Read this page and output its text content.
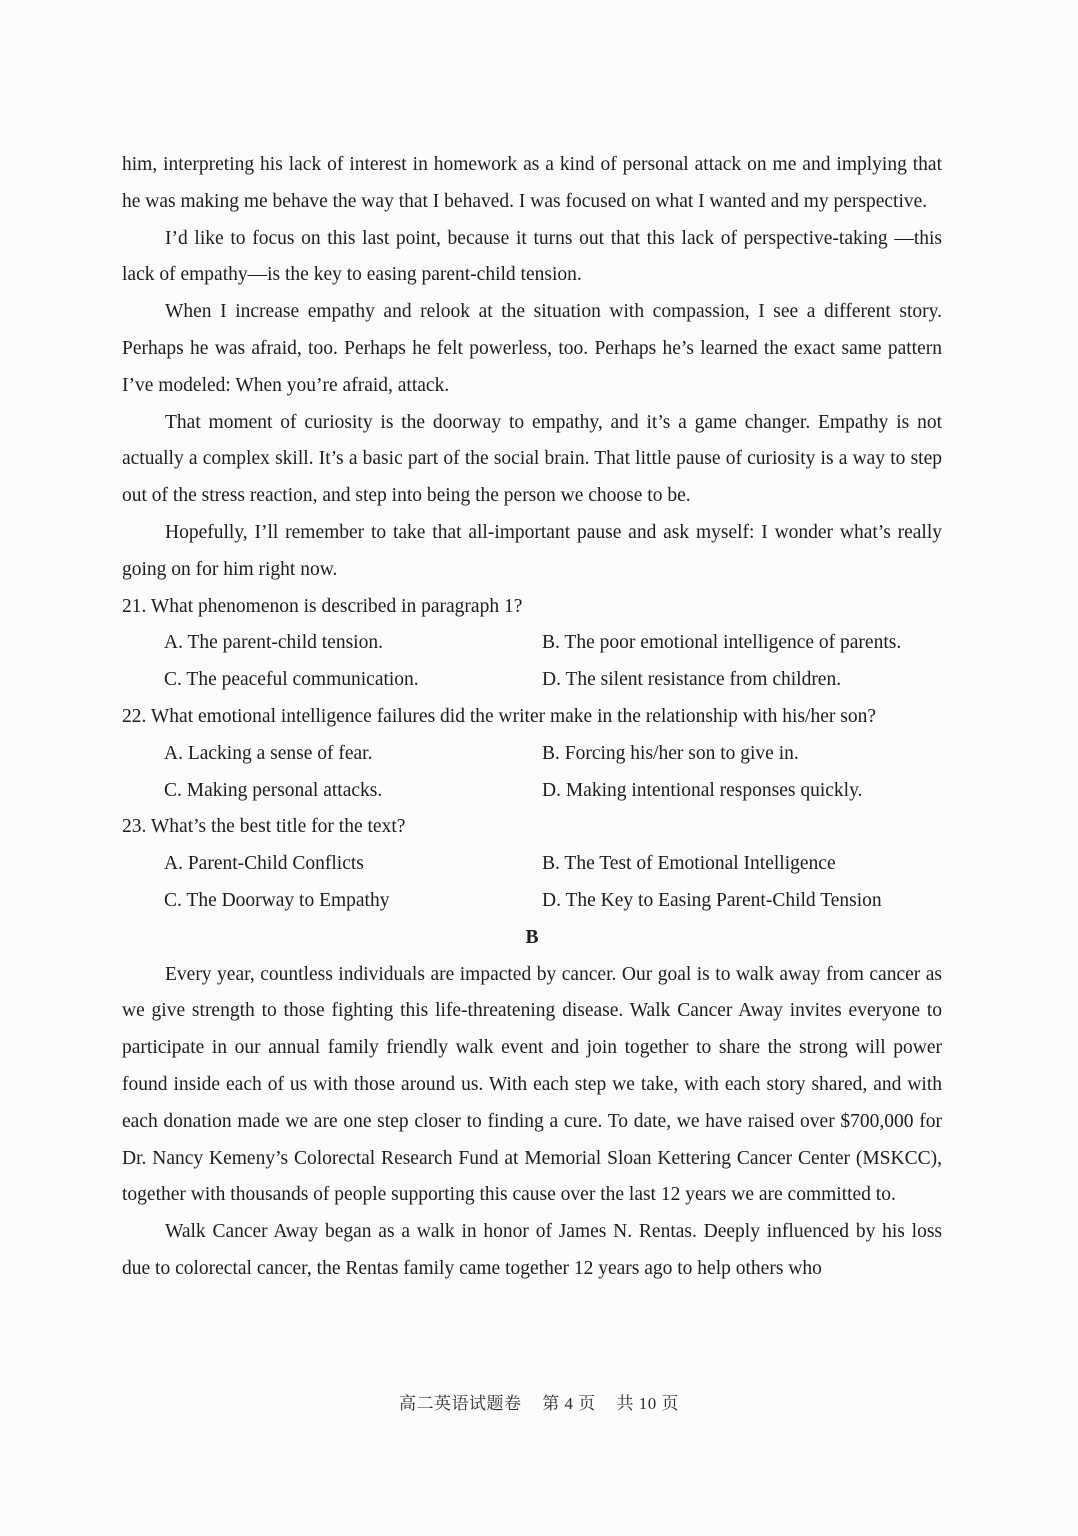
him, interpreting his lack of interest in homework as a kind of personal attack on me and implying that he was making me behave the way that I behaved. I was focused on what I wanted and my perspective.

I’d like to focus on this last point, because it turns out that this lack of perspective-taking —this lack of empathy—is the key to easing parent-child tension.

When I increase empathy and relook at the situation with compassion, I see a different story. Perhaps he was afraid, too. Perhaps he felt powerless, too. Perhaps he’s learned the exact same pattern I’ve modeled: When you’re afraid, attack.

That moment of curiosity is the doorway to empathy, and it’s a game changer. Empathy is not actually a complex skill. It’s a basic part of the social brain. That little pause of curiosity is a way to step out of the stress reaction, and step into being the person we choose to be.

Hopefully, I’ll remember to take that all-important pause and ask myself: I wonder what’s really going on for him right now.

21. What phenomenon is described in paragraph 1?

A. The parent-child tension.	B. The poor emotional intelligence of parents.
C. The peaceful communication.	D. The silent resistance from children.

22. What emotional intelligence failures did the writer make in the relationship with his/her son?

A. Lacking a sense of fear.	B. Forcing his/her son to give in.
C. Making personal attacks.	D. Making intentional responses quickly.

23. What’s the best title for the text?

A. Parent-Child Conflicts	B. The Test of Emotional Intelligence
C. The Doorway to Empathy	D. The Key to Easing Parent-Child Tension

B

Every year, countless individuals are impacted by cancer. Our goal is to walk away from cancer as we give strength to those fighting this life-threatening disease. Walk Cancer Away invites everyone to participate in our annual family friendly walk event and join together to share the strong will power found inside each of us with those around us. With each step we take, with each story shared, and with each donation made we are one step closer to finding a cure. To date, we have raised over $700,000 for Dr. Nancy Kemeny’s Colorectal Research Fund at Memorial Sloan Kettering Cancer Center (MSKCC), together with thousands of people supporting this cause over the last 12 years we are committed to.

Walk Cancer Away began as a walk in honor of James N. Rentas. Deeply influenced by his loss due to colorectal cancer, the Rentas family came together 12 years ago to help others who

高二英语试题卷 第 4 页 共 10 页
